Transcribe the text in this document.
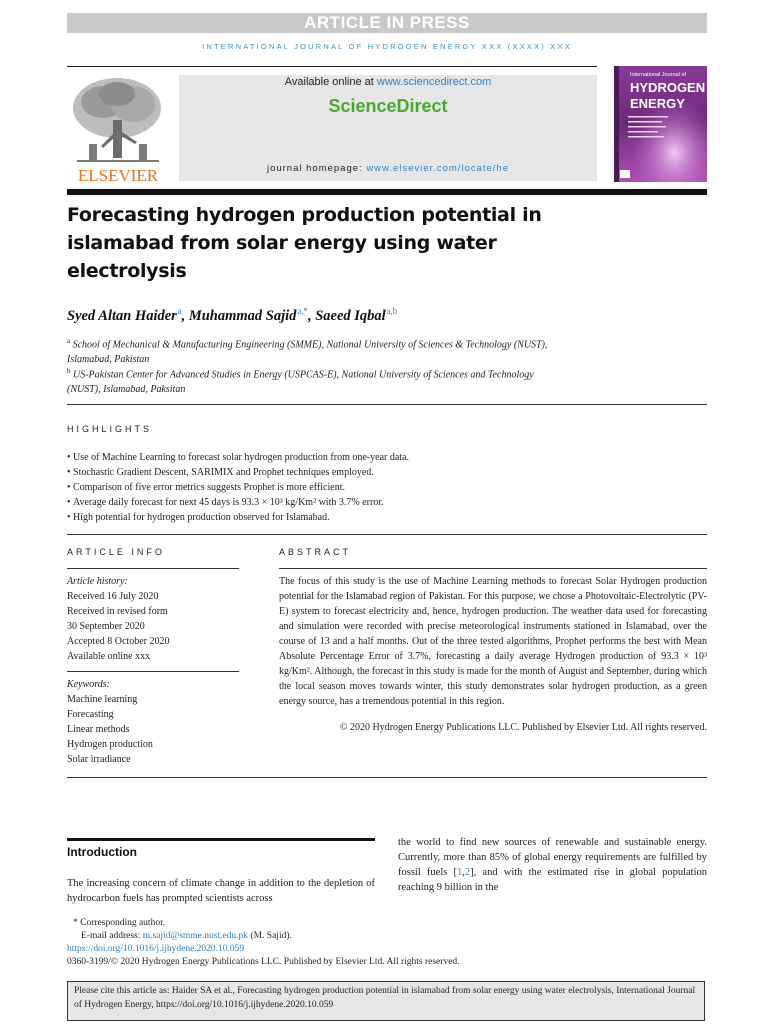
ARTICLE IN PRESS
INTERNATIONAL JOURNAL OF HYDROGEN ENERGY XXX (XXXX) XXX
ELSEVIER
Available online at www.sciencedirect.com
ScienceDirect
journal homepage: www.elsevier.com/locate/he
International Journal of
HYDROGEN
ENERGY
Forecasting hydrogen production potential in
islamabad from solar energy using water
electrolysis
Syed Altan Haider $^a$, Muhammad Sajid $^{a,*}$, Saeed Iqbal $^{a,b}$
$^a$ School of Mechanical & Manufacturing Engineering (SMME), National University of Sciences & Technology (NUST),
Islamabad, Pakistan
$^b$ US-Pakistan Center for Advanced Studies in Energy (USPCAS-E), National University of Sciences and Technology
(NUST), Islamabad, Paksitan
HIGHLIGHTS
• Use of Machine Learning to forecast solar hydrogen production from one-year data.
• Stochastic Gradient Descent, SARIMIX and Prophet techniques employed.
• Comparison of five error metrics suggests Prophet is more efficient.
• Average daily forecast for next 45 days is 93.3 × 10³ kg/Km² with 3.7% error.
• High potential for hydrogen production observed for Islamabad.
ARTICLE INFO
Article history:
Received 16 July 2020
Received in revised form
30 September 2020
Accepted 8 October 2020
Available online xxx
Keywords:
Machine learning
Forecasting
Linear methods
Hydrogen production
Solar irradiance
ABSTRACT
The focus of this study is the use of Machine Learning methods to forecast Solar Hydrogen production potential for the Islamabad region of Pakistan. For this purpose, we chose a Photovoltaic-Electrolytic (PV-E) system to forecast electricity and, hence, hydrogen production. The weather data used for forecasting and simulation were recorded with precise meteorological instruments stationed in Islamabad, over the course of 13 and a half months. Out of the three tested algorithms, Prophet performs the best with Mean Absolute Percentage Error of 3.7%, forecasting a daily average Hydrogen production of 93.3 × 10³ kg/Km². Although, the forecast in this study is made for the month of August and September, during which the local season moves towards winter, this study demonstrates solar hydrogen production, as a green energy source, has a tremendous potential in this region.
© 2020 Hydrogen Energy Publications LLC. Published by Elsevier Ltd. All rights reserved.
Introduction
The increasing concern of climate change in addition to the depletion of hydrocarbon fuels has prompted scientists across
the world to find new sources of renewable and sustainable energy. Currently, more than 85% of global energy requirements are fulfilled by fossil fuels [1,2], and with the estimated rise in global population reaching 9 billion in the
* Corresponding author.
E-mail address: m.sajid@smme.nust.edu.pk (M. Sajid).
https://doi.org/10.1016/j.ijhydene.2020.10.059
0360-3199/© 2020 Hydrogen Energy Publications LLC. Published by Elsevier Ltd. All rights reserved.
Please cite this article as: Haider SA et al., Forecasting hydrogen production potential in islamabad from solar energy using water electrolysis, International Journal of Hydrogen Energy, https://doi.org/10.1016/j.ijhydene.2020.10.059
